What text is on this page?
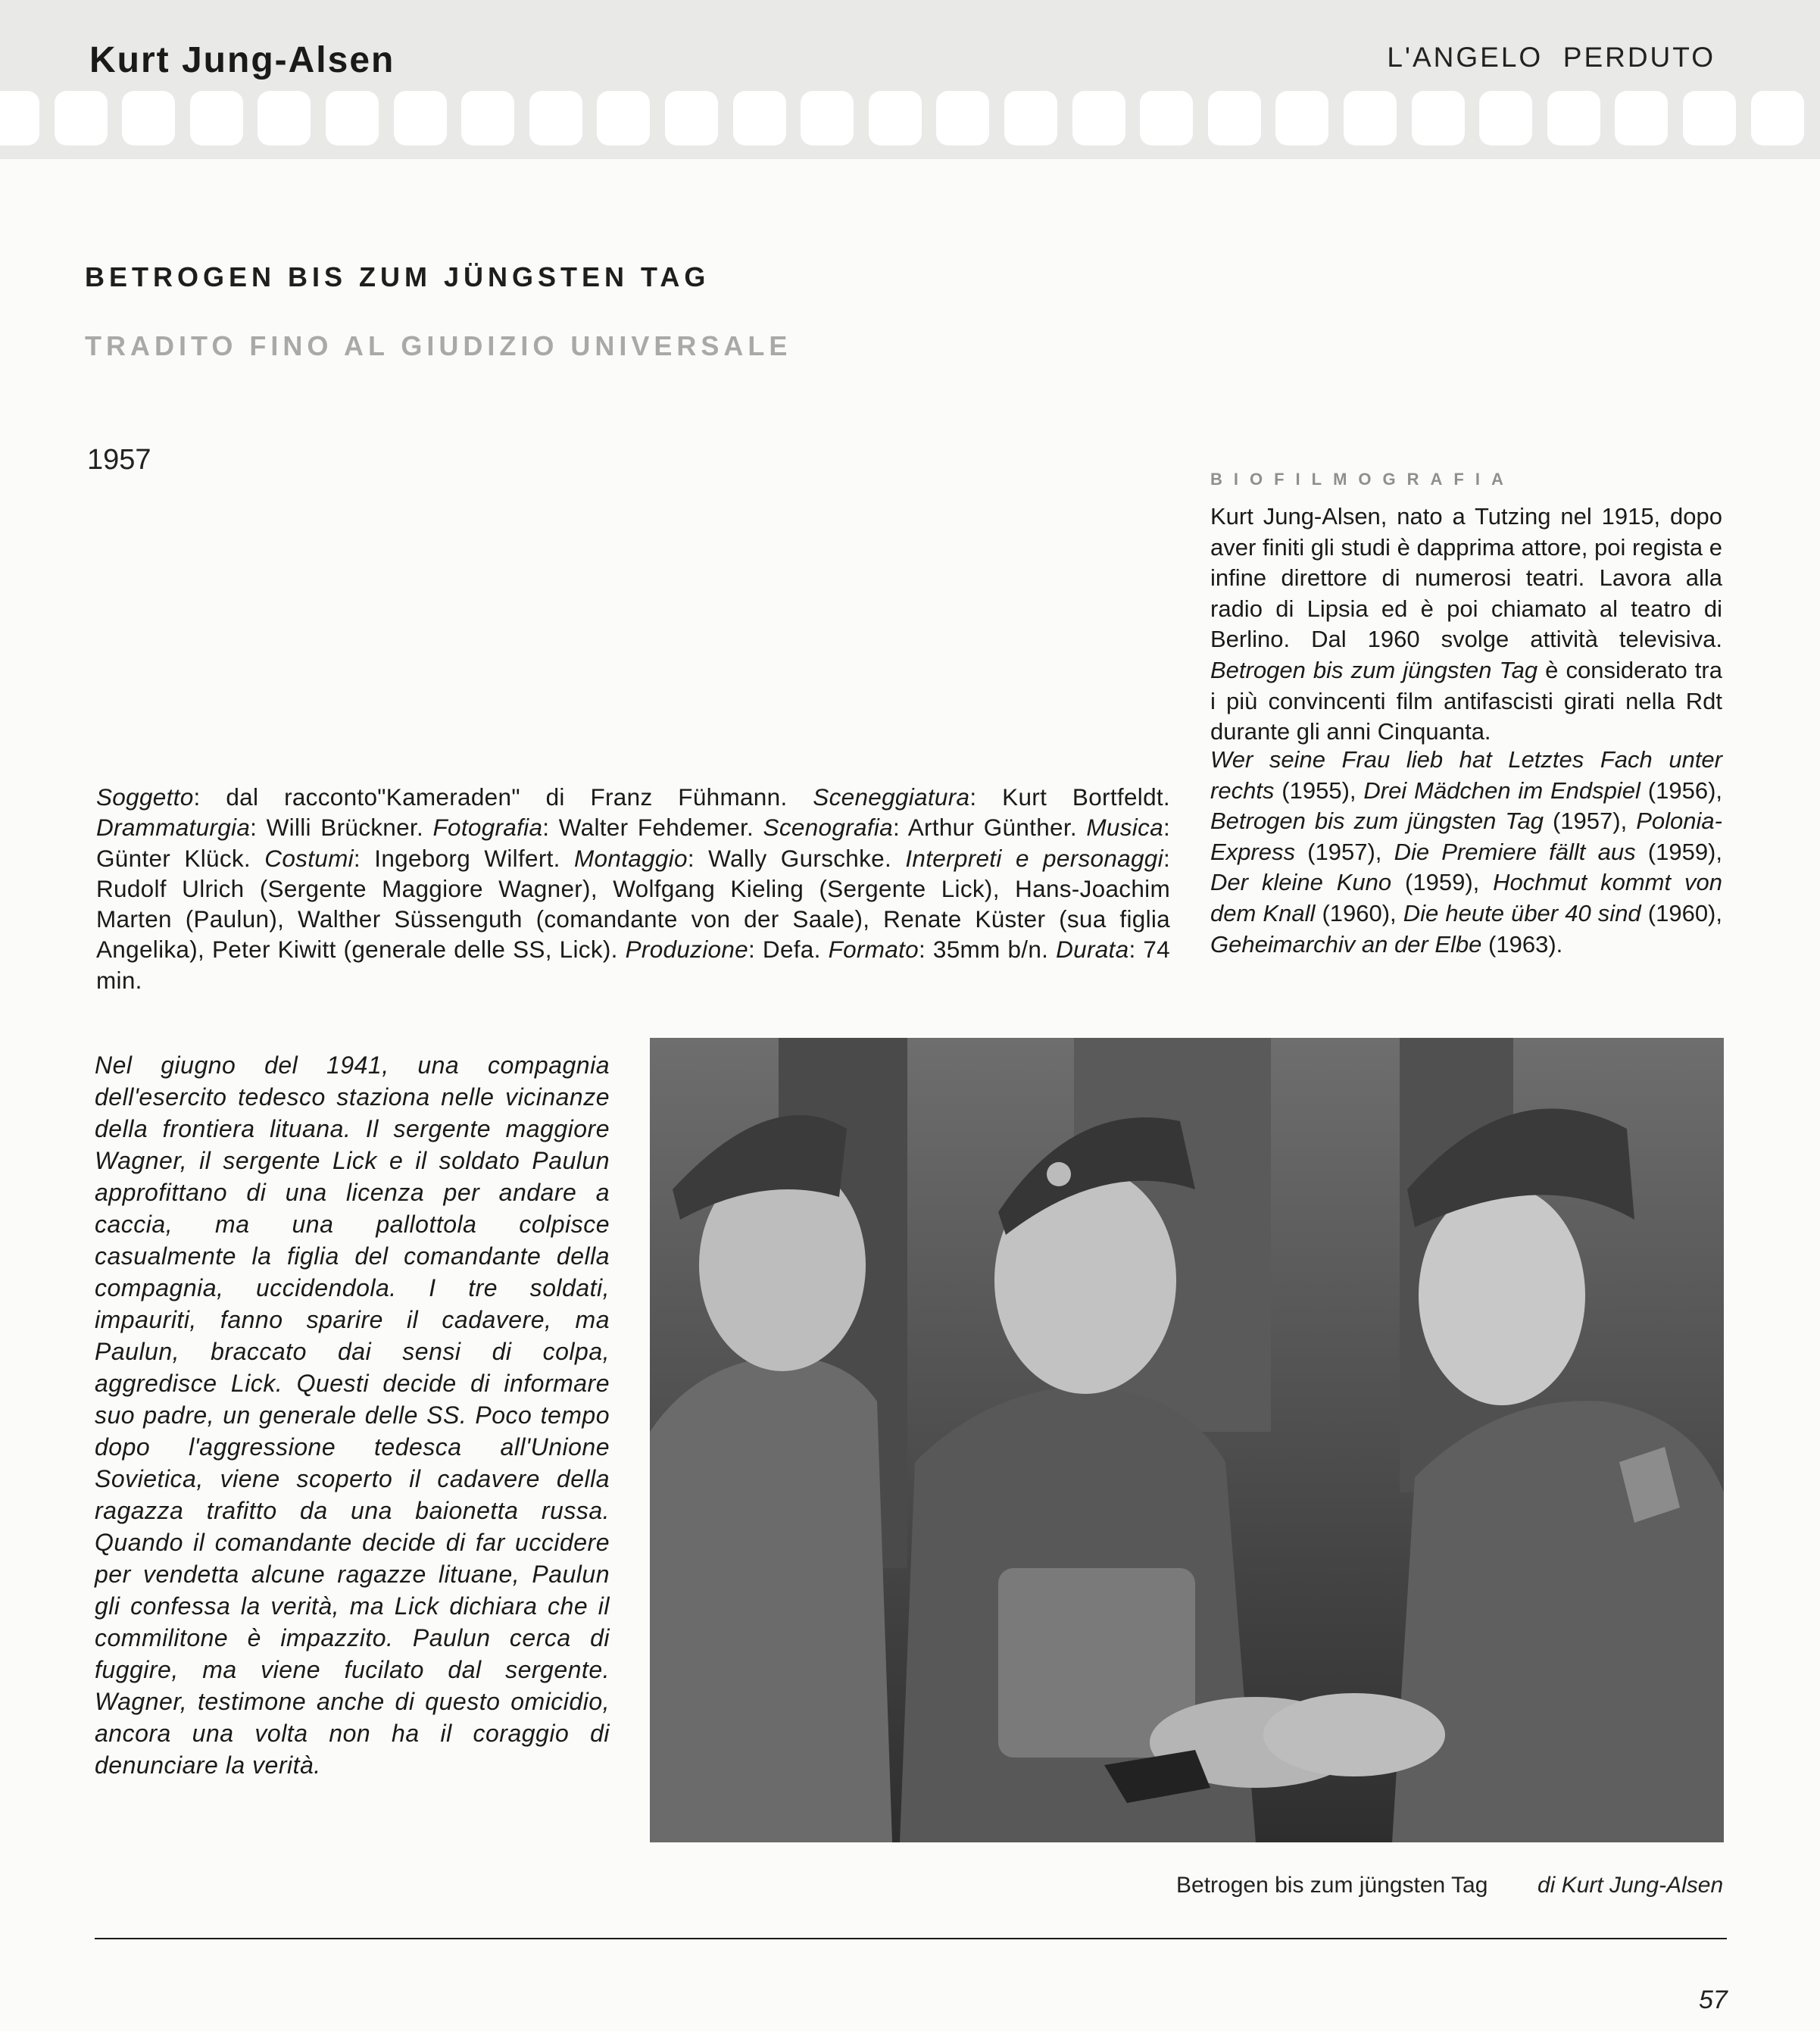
Kurt Jung-Alsen	L'ANGELO  PERDUTO
BETROGEN BIS ZUM JÜNGSTEN TAG
TRADITO FINO AL GIUDIZIO UNIVERSALE
1957
Soggetto: dal racconto"Kameraden" di Franz Fühmann. Sceneggiatura: Kurt Bortfeldt. Drammaturgia: Willi Brückner. Fotografia: Walter Fehdemer. Scenografia: Arthur Günther. Musica: Günter Klück. Costumi: Ingeborg Wilfert. Montaggio: Wally Gurschke. Interpreti e personaggi: Rudolf Ulrich (Sergente Maggiore Wagner), Wolfgang Kieling (Sergente Lick), Hans-Joachim Marten (Paulun), Walther Süssenguth (comandante von der Saale), Renate Küster (sua figlia Angelika), Peter Kiwitt (generale delle SS, Lick). Produzione: Defa. Formato: 35mm b/n. Durata: 74 min.
BIOFILMOGRAFIA
Kurt Jung-Alsen, nato a Tutzing nel 1915, dopo aver finiti gli studi è dapprima attore, poi regista e infine direttore di numerosi teatri. Lavora alla radio di Lipsia ed è poi chiamato al teatro di Berlino. Dal 1960 svolge attività televisiva. Betrogen bis zum jüngsten Tag è considerato tra i più convincenti film antifascisti girati nella Rdt durante gli anni Cinquanta.
Wer seine Frau lieb hat Letztes Fach unter rechts (1955), Drei Mädchen im Endspiel (1956), Betrogen bis zum jüngsten Tag (1957), Polonia-Express (1957), Die Premiere fällt aus (1959), Der kleine Kuno (1959), Hochmut kommt von dem Knall (1960), Die heute über 40 sind (1960), Geheimarchiv an der Elbe (1963).
Nel giugno del 1941, una compagnia dell'esercito tedesco staziona nelle vicinanze della frontiera lituana. Il sergente maggiore Wagner, il sergente Lick e il soldato Paulun approfittano di una licenza per andare a caccia, ma una pallottola colpisce casualmente la figlia del comandante della compagnia, uccidendola. I tre soldati, impauriti, fanno sparire il cadavere, ma Paulun, braccato dai sensi di colpa, aggredisce Lick. Questi decide di informare suo padre, un generale delle SS. Poco tempo dopo l'aggressione tedesca all'Unione Sovietica, viene scoperto il cadavere della ragazza trafitto da una baionetta russa. Quando il comandante decide di far uccidere per vendetta alcune ragazze lituane, Paulun gli confessa la verità, ma Lick dichiara che il commilitone è impazzito. Paulun cerca di fuggire, ma viene fucilato dal sergente. Wagner, testimone anche di questo omicidio, ancora una volta non ha il coraggio di denunciare la verità.
Betrogen bis zum jüngsten Tag di Kurt Jung-Alsen
57
